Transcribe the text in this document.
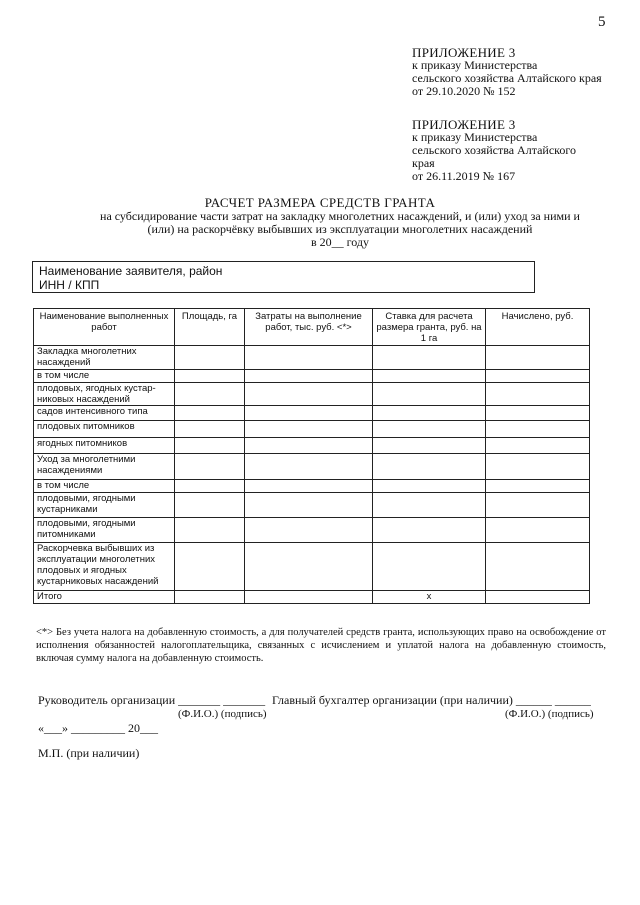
5
ПРИЛОЖЕНИЕ 3
к приказу Министерства
сельского хозяйства Алтайского края
от 29.10.2020 № 152
ПРИЛОЖЕНИЕ 3
к приказу Министерства
сельского хозяйства Алтайского
края
от 26.11.2019 № 167
РАСЧЕТ РАЗМЕРА СРЕДСТВ ГРАНТА
на субсидирование части затрат на закладку многолетних насаждений, и (или) уход за ними и
(или) на раскорчёвку выбывших из эксплуатации многолетних насаждений
в 20__ году
Наименование заявителя, район
ИНН / КПП
Наименование выполненных работ	Площадь, га	Затраты на выполнение работ, тыс. руб. <*>	Ставка для расчета размера гранта, руб. на 1 га	Начислено, руб.
Закладка многолетних насаждений				
в том числе				
плодовых, ягодных кустар-никовых насаждений				
садов интенсивного типа				
плодовых питомников				
ягодных питомников				
Уход за многолетними насаждениями				
в том числе				
плодовыми, ягодными кустарниками				
плодовыми, ягодными питомниками				
Раскорчевка выбывших из эксплуатации многолетних плодовых и ягодных кустарниковых насаждений				
Итого			x	
<*> Без учета налога на добавленную стоимость, а для получателей средств гранта, использующих право на освобождение от исполнения обязанностей налогоплательщика, связанных с исчислением и уплатой налога на добавленную стоимость, включая сумму налога на добавленную стоимость.
Руководитель организации _______ _______ Главный бухгалтер организации (при наличии) ______ ______
(Ф.И.О.) (подпись)	(Ф.И.О.) (подпись)
«___» _________ 20___
М.П. (при наличии)
